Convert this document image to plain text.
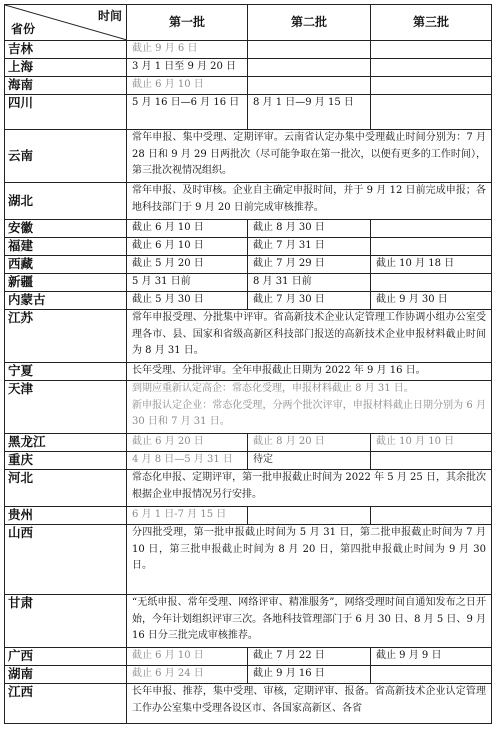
时间
省份	第一批	第二批	第三批
吉林	截止 9 月 6 日		
上海	3 月 1 日至 9 月 20 日		
海南	截止 6 月 10 日		
四川	5 月 16 日—6 月 16 日	8 月 1 日—9 月 15 日	
云南	常年申报、集中受理、定期评审。云南省认定办集中受理截止时间分别为：7 月 28 日和 9 月 29 日两批次（尽可能争取在第一批次，以便有更多的工作时间），第三批次视情况组织。		
湖北	常年申报、及时审核。企业自主确定申报时间，并于 9 月 12 日前完成申报；各地科技部门于 9 月 20 日前完成审核推荐。		
安徽	截止 6 月 10 日	截止 8 月 30 日	
福建	截止 6 月 10 日	截止 7 月 31 日	
西藏	截止 5 月 20 日	截止 7 月 29 日	截止 10 月 18 日
新疆	5 月 31 日前	8 月 31 日前	
内蒙古	截止 5 月 30 日	截止 7 月 30 日	截止 9 月 30 日
江苏	常年申报受理、分批集中评审。省高新技术企业认定管理工作协调小组办公室受理各市、县、国家和省级高新区科技部门报送的高新技术企业申报材料截止时间为 8 月 31 日。		
宁夏	长年受理、分批评审。全年申报截止日期为 2022 年 9 月 16 日。		
天津	到期应重新认定高企：常态化受理，申报材料截止 8 月 31 日。
新申报认定企业：常态化受理，分两个批次评审，申报材料截止日期分别为 6 月 30 日和 7 月 31 日。		

黑龙江	截止 6 月 20 日	截止 8 月 20 日	截止 10 月 10 日
重庆	4 月 8 日—5 月 31 日	待定	
河北	常态化申报、定期评审，第一批申报截止时间为 2022 年 5 月 25 日，其余批次根据企业申报情况另行安排。		
贵州	6 月 1 日-7 月 15 日		
山西	分四批受理，第一批申报截止时间为 5 月 31 日，第二批申报截止时间为 7 月 10 日，第三批申报截止时间为 8 月 20 日，第四批申报截止时间为 9 月 30 日。		
甘肃	“无纸申报、常年受理、网络评审、精准服务”，网络受理时间自通知发布之日开始，今年计划组织评审三次。各地科技管理部门于 6 月 30 日、8 月 5 日、9 月 16 日分三批完成审核推荐。		
广西	截止 6 月 10 日	截止 7 月 22 日	截止 9 月 9 日
湖南	截止 6 月 24 日	截止 9 月 16 日	
江西	长年申报、推荐，集中受理、审核，定期评审、报备。省高新技术企业认定管理工作办公室集中受理各设区市、各国家高新区、各省		
